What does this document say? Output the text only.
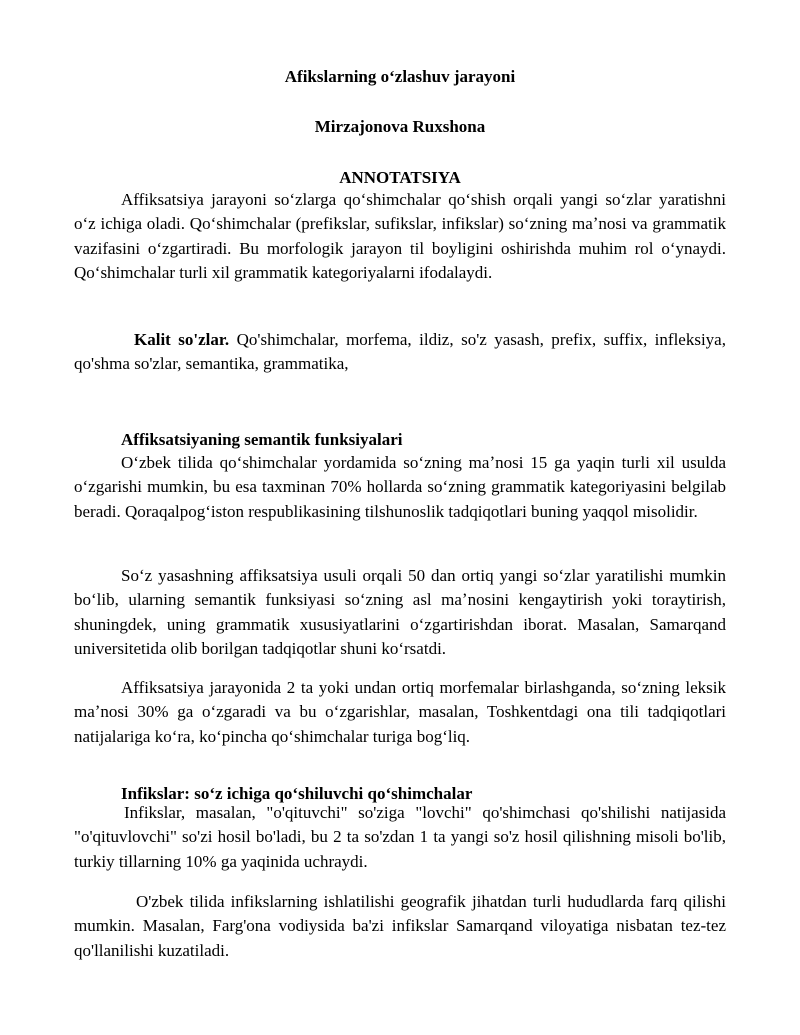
Afikslarning oʻzlashuv jarayoni

Mirzajonova Ruxshona

ANNOTATSIYA

Affiksatsiya jarayoni soʻzlarga qoʻshimchalar qoʻshish orqali yangi soʻzlar yaratishni oʻz ichiga oladi. Qoʻshimchalar (prefikslar, sufikslar, infikslar) soʻzning maʼnosi va grammatik vazifasini oʻzgartiradi. Bu morfologik jarayon til boyligini oshirishda muhim rol oʻynaydi. Qoʻshimchalar turli xil grammatik kategoriyalarni ifodalaydi.

Kalit so'zlar. Qo'shimchalar, morfema, ildiz, so'z yasash, prefix, suffix, infleksiya, qo'shma so'zlar, semantika, grammatika,

Affiksatsiyaning semantik funksiyalari

Oʻzbek tilida qoʻshimchalar yordamida soʻzning maʼnosi 15 ga yaqin turli xil usulda oʻzgarishi mumkin, bu esa taxminan 70% hollarda soʻzning grammatik kategoriyasini belgilab beradi. Qoraqalpogʻiston respublikasining tilshunoslik tadqiqotlari buning yaqqol misolidir.

Soʻz yasashning affiksatsiya usuli orqali 50 dan ortiq yangi soʻzlar yaratilishi mumkin boʻlib, ularning semantik funksiyasi soʻzning asl maʼnosini kengaytirish yoki toraytirish, shuningdek, uning grammatik xususiyatlarini oʻzgartirishdan iborat. Masalan, Samarqand universitetida olib borilgan tadqiqotlar shuni koʻrsatdi.

Affiksatsiya jarayonida 2 ta yoki undan ortiq morfemalar birlashganda, soʻzning leksik maʼnosi 30% ga oʻzgaradi va bu oʻzgarishlar, masalan, Toshkentdagi ona tili tadqiqotlari natijalariga koʻra, koʻpincha qoʻshimchalar turiga bogʻliq.

Infikslar: soʻz ichiga qoʻshiluvchi qoʻshimchalar

Infikslar, masalan, "o'qituvchi" so'ziga "lovchi" qo'shimchasi qo'shilishi natijasida "o'qituvlovchi" so'zi hosil bo'ladi, bu 2 ta so'zdan 1 ta yangi so'z hosil qilishning misoli bo'lib, turkiy tillarning 10% ga yaqinida uchraydi.

O'zbek tilida infikslarning ishlatilishi geografik jihatdan turli hududlarda farq qilishi mumkin. Masalan, Farg'ona vodiysida ba'zi infikslar Samarqand viloyatiga nisbatan tez-tez qo'llanilishi kuzatiladi.
